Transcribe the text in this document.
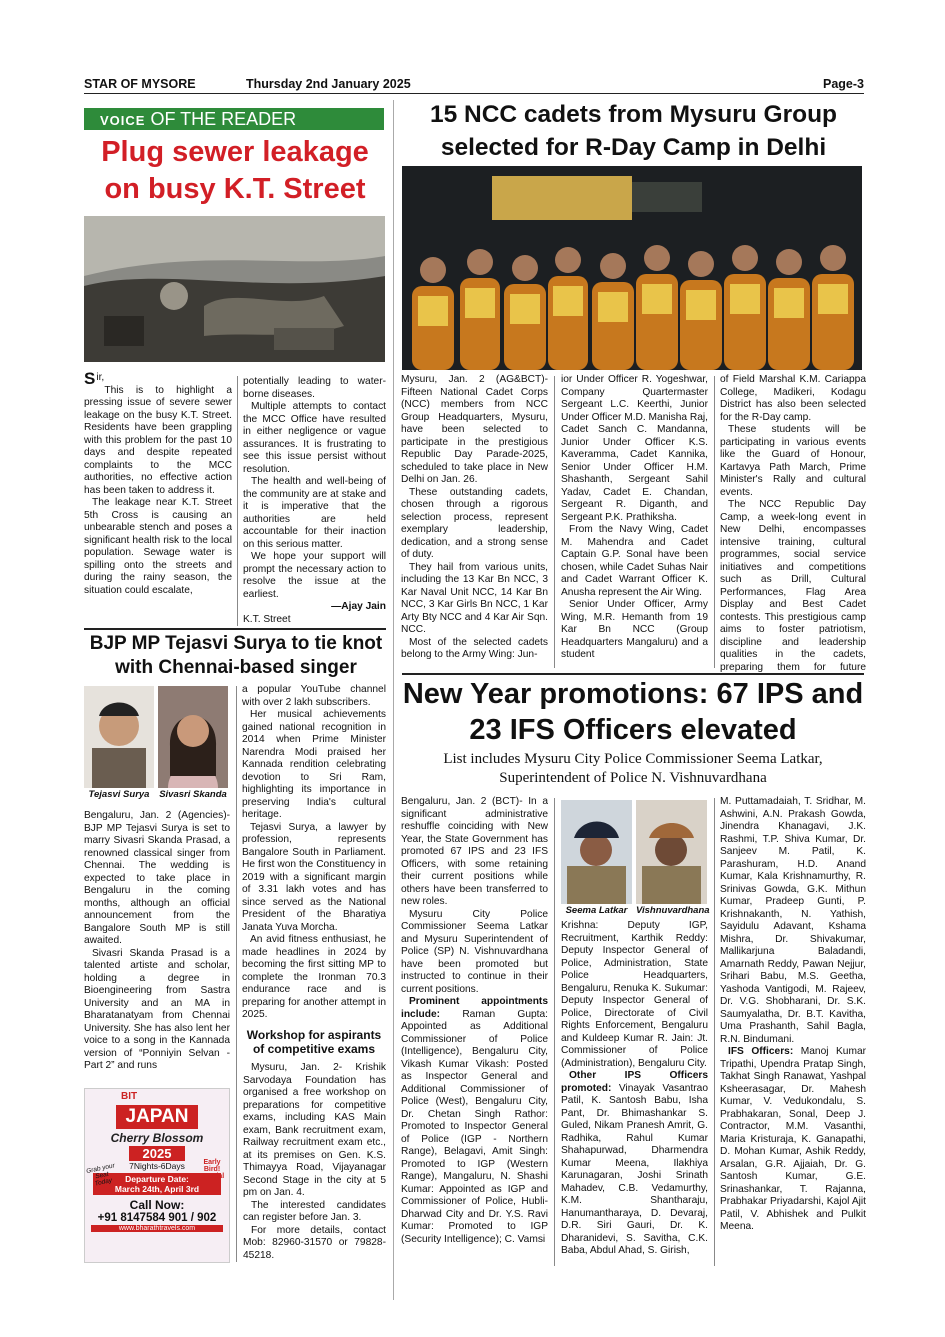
STAR OF MYSORE	Thursday 2nd January 2025	Page-3
VOICE OF THE READER
Plug sewer leakage on busy K.T. Street

Sir,

This is to highlight a pressing issue of severe sewer leakage on the busy K.T. Street. Residents have been grappling with this problem for the past 10 days and despite repeated complaints to the MCC authorities, no effective action has been taken to address it.

The leakage near K.T. Street 5th Cross is causing an unbearable stench and poses a significant health risk to the local population. Sewage water is spilling onto the streets and during the rainy season, the situation could escalate,

potentially leading to water-borne diseases.

Multiple attempts to contact the MCC Office have resulted in either negligence or vague assurances. It is frustrating to see this issue persist without resolution.

The health and well-being of the community are at stake and it is imperative that the authorities are held accountable for their inaction on this serious matter.

We hope your support will prompt the necessary action to resolve the issue at the earliest.

—Ajay Jain

K.T. Street

15 NCC cadets from Mysuru Group selected for R-Day Camp in Delhi

Mysuru, Jan. 2 (AG&BCT)- Fifteen National Cadet Corps (NCC) members from NCC Group Headquarters, Mysuru, have been selected to participate in the prestigious Republic Day Parade-2025, scheduled to take place in New Delhi on Jan. 26.

These outstanding cadets, chosen through a rigorous selection process, represent exemplary leadership, dedication, and a strong sense of duty.

They hail from various units, including the 13 Kar Bn NCC, 3 Kar Naval Unit NCC, 14 Kar Bn NCC, 3 Kar Girls Bn NCC, 1 Kar Arty Bty NCC and 4 Kar Air Sqn. NCC.

Most of the selected cadets belong to the Army Wing: Jun-

ior Under Officer R. Yogeshwar, Company Quartermaster Sergeant L.C. Keerthi, Junior Under Officer M.D. Manisha Raj, Cadet Sanch C. Mandanna, Junior Under Officer K.S. Kaveramma, Cadet Kannika, Senior Under Officer H.M. Shashanth, Sergeant Sahil Yadav, Cadet E. Chandan, Sergeant R. Diganth, and Sergeant P.K. Prathiksha.

From the Navy Wing, Cadet M. Mahendra and Cadet Captain G.P. Sonal have been chosen, while Cadet Suhas Nair and Cadet Warrant Officer K. Anusha represent the Air Wing.

Senior Under Officer, Army Wing, M.R. Hemanth from 19 Kar Bn NCC (Group Headquarters Mangaluru) and a student

of Field Marshal K.M. Cariappa College, Madikeri, Kodagu District has also been selected for the R-Day camp.

These students will be participating in various events like the Guard of Honour, Kartavya Path March, Prime Minister's Rally and cultural events.

The NCC Republic Day Camp, a week-long event in New Delhi, encompasses intensive training, cultural programmes, social service initiatives and competitions such as Drill, Cultural Performances, Flag Area Display and Best Cadet contests. This prestigious camp aims to foster patriotism, discipline and leadership qualities in the cadets, preparing them for future

BJP MP Tejasvi Surya to tie knot with Chennai-based singer
Tejasvi Surya	Sivasri Skanda

Bengaluru, Jan. 2 (Agencies)- BJP MP Tejasvi Surya is set to marry Sivasri Skanda Prasad, a renowned classical singer from Chennai. The wedding is expected to take place in Bengaluru in the coming months, although an official announcement from the Bangalore South MP is still awaited.

Sivasri Skanda Prasad is a talented artiste and scholar, holding a degree in Bioengineering from Sastra University and an MA in Bharatanatyam from Chennai University. She has also lent her voice to a song in the Kannada version of “Ponniyin Selvan - Part 2” and runs

a popular YouTube channel with over 2 lakh subscribers.

Her musical achievements gained national recognition in 2014 when Prime Minister Narendra Modi praised her Kannada rendition celebrating devotion to Sri Ram, highlighting its importance in preserving India's cultural heritage.

Tejasvi Surya, a lawyer by profession, represents Bangalore South in Parliament. He first won the Constituency in 2019 with a significant margin of 3.31 lakh votes and has since served as the National President of the Bharatiya Janata Yuva Morcha.

An avid fitness enthusiast, he made headlines in 2024 by becoming the first sitting MP to complete the Ironman 70.3 endurance race and is preparing for another attempt in 2025.

Workshop for aspirants of competitive exams

Mysuru, Jan. 2- Krishik Sarvodaya Foundation has organised a free workshop on preparations for competitive exams, including KAS Main exam, Bank recruitment exam, Railway recruitment exam etc., at its premises on Gen. K.S. Thimayya Road, Vijayanagar Second Stage in the city at 5 pm on Jan. 4.

The interested candidates can register before Jan. 3.

For more details, contact Mob: 82960-31570 or 79828-45218.

BIT
JAPAN
Cherry Blossom
2025
7Nights-6Days
Grab your Seat Today
Early Bird! Special
Departure Date:
March 24th, April 3rd
Call Now:
+91 8147584 901 / 902
www.bharathtravels.com
New Year promotions: 67 IPS and 23 IFS Officers elevated
List includes Mysuru City Police Commissioner Seema Latkar, Superintendent of Police N. Vishnuvardhana

Bengaluru, Jan. 2 (BCT)- In a significant administrative reshuffle coinciding with New Year, the State Government has promoted 67 IPS and 23 IFS Officers, with some retaining their current positions while others have been transferred to new roles.

Mysuru City Police Commissioner Seema Latkar and Mysuru Superintendent of Police (SP) N. Vishnuvardhana have been promoted but instructed to continue in their current positions.

Prominent appointments include: Raman Gupta: Appointed as Additional Commissioner of Police (Intelligence), Bengaluru City, Vikash Kumar Vikash: Posted as Inspector General and Additional Commissioner of Police (West), Bengaluru City, Dr. Chetan Singh Rathor: Promoted to Inspector General of Police (IGP - Northern Range), Belagavi, Amit Singh: Promoted to IGP (Western Range), Mangaluru, N. Shashi Kumar: Appointed as IGP and Commissioner of Police, Hubli-Dharwad City and Dr. Y.S. Ravi Kumar: Promoted to IGP (Security Intelligence); C. Vamsi

Seema Latkar Vishnuvardhana

Krishna: Deputy IGP, Recruitment, Karthik Reddy: Deputy Inspector General of Police, Administration, State Police Headquarters, Bengaluru, Renuka K. Sukumar: Deputy Inspector General of Police, Directorate of Civil Rights Enforcement, Bengaluru and Kuldeep Kumar R. Jain: Jt. Commissioner of Police (Administration), Bengaluru City.

Other IPS Officers promoted: Vinayak Vasantrao Patil, K. Santosh Babu, Isha Pant, Dr. Bhimashankar S. Guled, Nikam Pranesh Amrit, G. Radhika, Rahul Kumar Shahapurwad, Dharmendra Kumar Meena, Ilakhiya Karunagaran, Joshi Srinath Mahadev, C.B. Vedamurthy, K.M. Shantharaju, Hanumantharaya, D. Devaraj, D.R. Siri Gauri, Dr. K. Dharanidevi, S. Savitha, C.K. Baba, Abdul Ahad, S. Girish,

M. Puttamadaiah, T. Sridhar, M. Ashwini, A.N. Prakash Gowda, Jinendra Khanagavi, J.K. Rashmi, T.P. Shiva Kumar, Dr. Sanjeev M. Patil, K. Parashuram, H.D. Anand Kumar, Kala Krishnamurthy, R. Srinivas Gowda, G.K. Mithun Kumar, Pradeep Gunti, P. Krishnakanth, N. Yathish, Sayidulu Adavant, Kshama Mishra, Dr. Shivakumar, Mallikarjuna Baladandi, Amarnath Reddy, Pawan Nejjur, Srihari Babu, M.S. Geetha, Yashoda Vantigodi, M. Rajeev, Dr. V.G. Shobharani, Dr. S.K. Saumyalatha, Dr. B.T. Kavitha, Uma Prashanth, Sahil Bagla, R.N. Bindumani.

IFS Officers: Manoj Kumar Tripathi, Upendra Pratap Singh, Takhat Singh Ranawat, Yashpal Ksheerasagar, Dr. Mahesh Kumar, V. Vedukondalu, S. Prabhakaran, Sonal, Deep J. Contractor, M.M. Vasanthi, Maria Kristuraja, K. Ganapathi, D. Mohan Kumar, Ashik Reddy, Arsalan, G.R. Ajjaiah, Dr. G. Santosh Kumar, G.E. Srinashankar, T. Rajanna, Prabhakar Priyadarshi, Kajol Ajit Patil, V. Abhishek and Pulkit Meena.
